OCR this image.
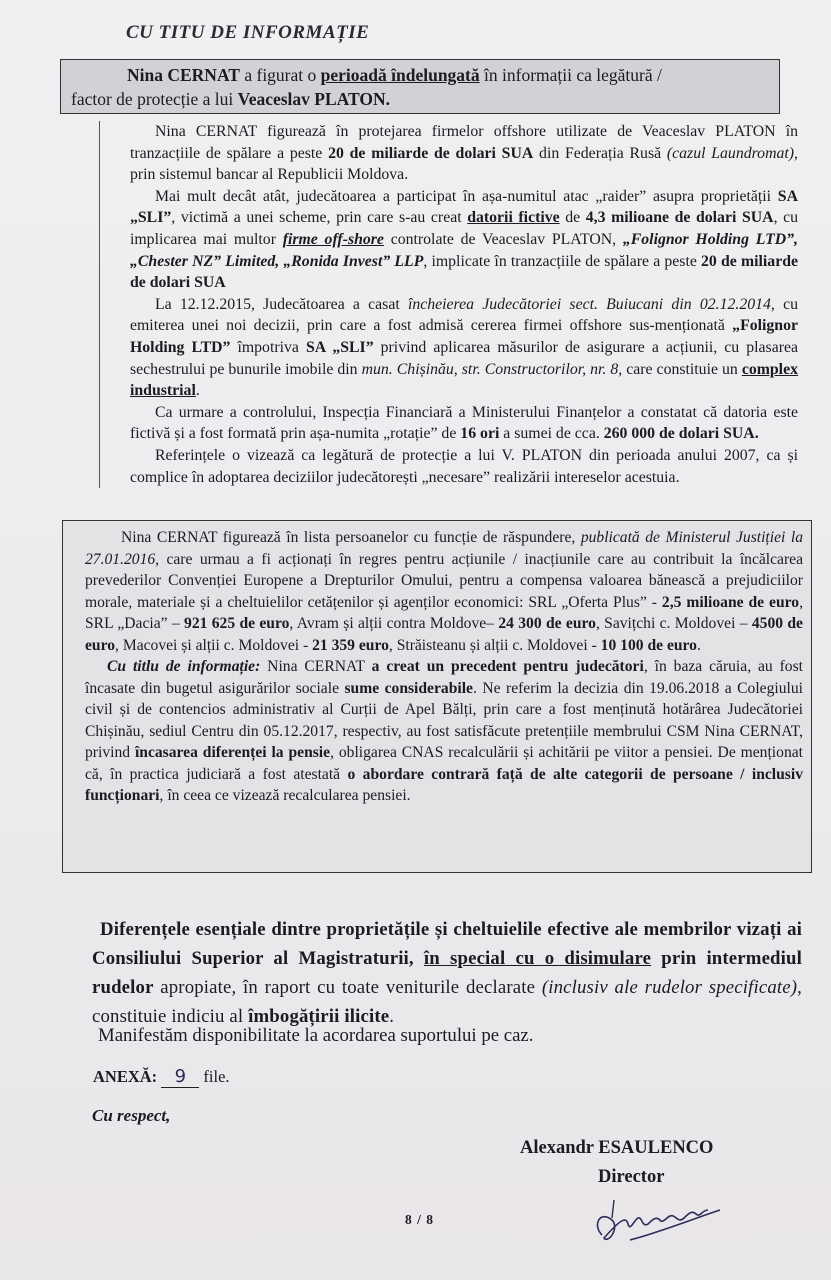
CU TITU DE INFORMAȚIE
Nina CERNAT a figurat o perioadă îndelungată în informații ca legătură /
factor de protecție a lui Veaceslav PLATON.

Nina CERNAT figurează în protejarea firmelor offshore utilizate de Veaceslav PLATON în tranzacțiile de spălare a peste 20 de miliarde de dolari SUA din Federația Rusă (cazul Laundromat), prin sistemul bancar al Republicii Moldova.

Mai mult decât atât, judecătoarea a participat în așa-numitul atac „raider” asupra proprietății SA „SLI”, victimă a unei scheme, prin care s-au creat datorii fictive de 4,3 milioane de dolari SUA, cu implicarea mai multor firme off-shore controlate de Veaceslav PLATON, „Folignor Holding LTD”, „Chester NZ” Limited, „Ronida Invest” LLP, implicate în tranzacțiile de spălare a peste 20 de miliarde de dolari SUA

La 12.12.2015, Judecătoarea a casat încheierea Judecătoriei sect. Buiucani din 02.12.2014, cu emiterea unei noi decizii, prin care a fost admisă cererea firmei offshore sus-menționată „Folignor Holding LTD” împotriva SA „SLI” privind aplicarea măsurilor de asigurare a acțiunii, cu plasarea sechestrului pe bunurile imobile din mun. Chișinău, str. Constructorilor, nr. 8, care constituie un complex industrial.

Ca urmare a controlului, Inspecția Financiară a Ministerului Finanțelor a constatat că datoria este fictivă și a fost formată prin așa-numita „rotație” de 16 ori a sumei de cca. 260 000 de dolari SUA.

Referințele o vizează ca legătură de protecție a lui V. PLATON din perioada anului 2007, ca și complice în adoptarea deciziilor judecătorești „necesare” realizării intereselor acestuia.

Nina CERNAT figurează în lista persoanelor cu funcție de răspundere, publicată de Ministerul Justiției la 27.01.2016, care urmau a fi acționați în regres pentru acțiunile / inacțiunile care au contribuit la încălcarea prevederilor Convenției Europene a Drepturilor Omului, pentru a compensa valoarea bănească a prejudiciilor morale, materiale și a cheltuielilor cetățenilor și agenților economici: SRL „Oferta Plus” - 2,5 milioane de euro, SRL „Dacia” – 921 625 de euro, Avram și alții contra Moldove– 24 300 de euro, Savițchi c. Moldovei – 4500 de euro, Macovei și alții c. Moldovei - 21 359 euro, Străisteanu și alții c. Moldovei - 10 100 de euro.

Cu titlu de informație: Nina CERNAT a creat un precedent pentru judecători, în baza căruia, au fost încasate din bugetul asigurărilor sociale sume considerabile. Ne referim la decizia din 19.06.2018 a Colegiului civil și de contencios administrativ al Curții de Apel Bălți, prin care a fost menținută hotărârea Judecătoriei Chișinău, sediul Centru din 05.12.2017, respectiv, au fost satisfăcute pretențiile membrului CSM Nina CERNAT, privind încasarea diferenței la pensie, obligarea CNAS recalculării și achitării pe viitor a pensiei. De menționat că, în practica judiciară a fost atestată o abordare contrară față de alte categorii de persoane / inclusiv funcționari, în ceea ce vizează recalcularea pensiei.

Diferențele esențiale dintre proprietățile și cheltuielile efective ale membrilor vizați ai Consiliului Superior al Magistraturii, în special cu o disimulare prin intermediul rudelor apropiate, în raport cu toate veniturile declarate (inclusiv ale rudelor specificate), constituie indiciu al îmbogățirii ilicite.
Manifestăm disponibilitate la acordarea suportului pe caz.
ANEXĂ: 9 file.
Cu respect,
Alexandr ESAULENCO
Director
8 / 8
